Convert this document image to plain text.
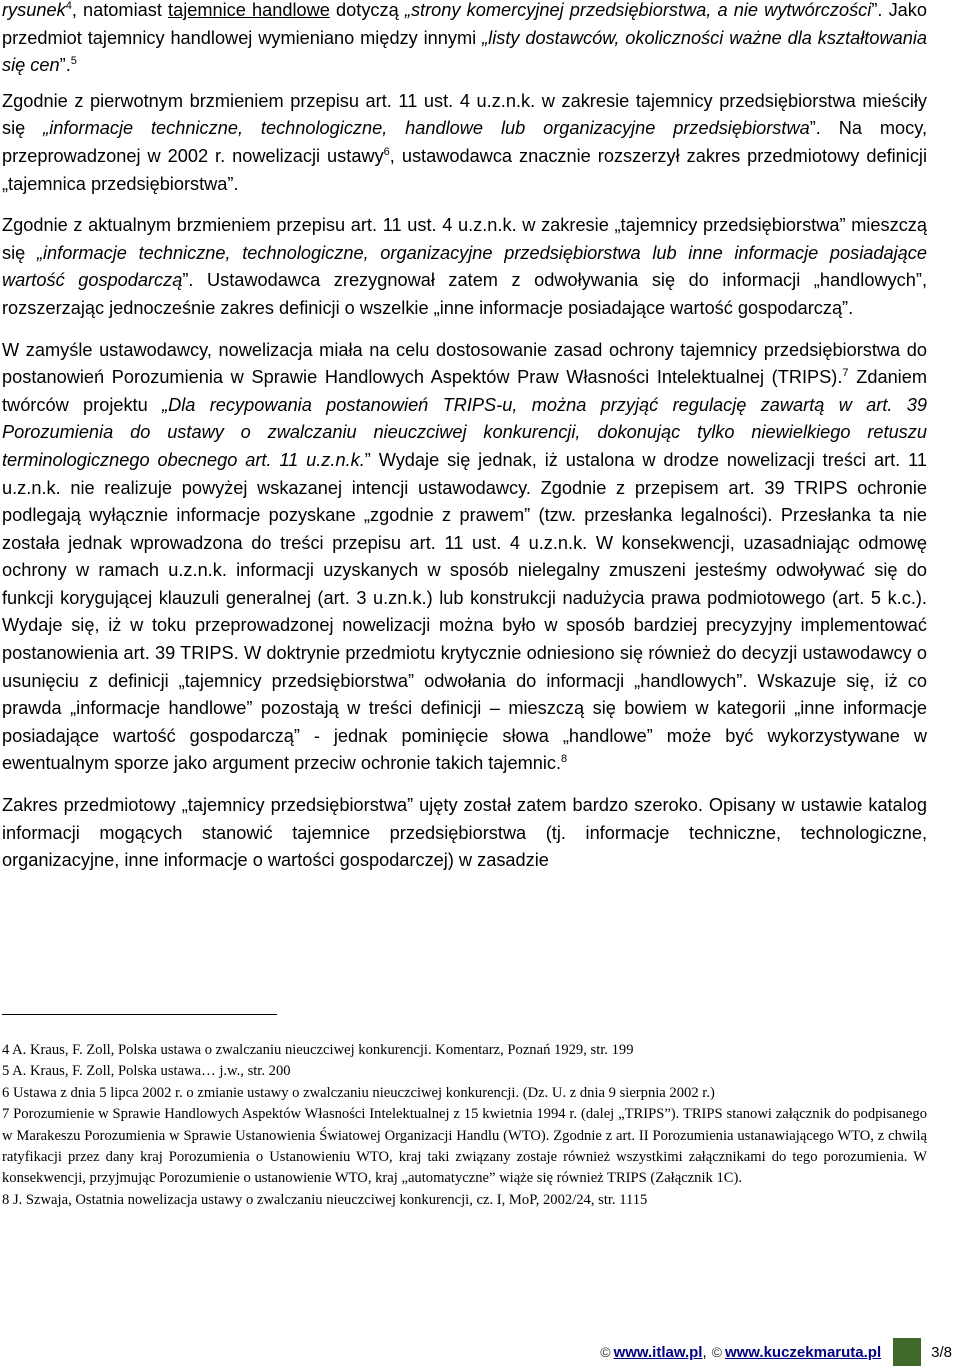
rysunek$^4$, natomiast tajemnice handlowe dotyczą „strony komercyjnej przedsiębiorstwa, a nie wytwórczości”. Jako przedmiot tajemnicy handlowej wymieniano między innymi „listy dostawców, okoliczności ważne dla kształtowania się cen”.$^5$

Zgodnie z pierwotnym brzmieniem przepisu art. 11 ust. 4 u.z.n.k. w zakresie tajemnicy przedsiębiorstwa mieściły się „informacje techniczne, technologiczne, handlowe lub organizacyjne przedsiębiorstwa”. Na mocy, przeprowadzonej w 2002 r. nowelizacji ustawy$^6$, ustawodawca znacznie rozszerzył zakres przedmiotowy definicji „tajemnica przedsiębiorstwa”.

Zgodnie z aktualnym brzmieniem przepisu art. 11 ust. 4 u.z.n.k. w zakresie „tajemnicy przedsiębiorstwa” mieszczą się „informacje techniczne, technologiczne, organizacyjne przedsiębiorstwa lub inne informacje posiadające wartość gospodarczą”. Ustawodawca zrezygnował zatem z odwoływania się do informacji „handlowych”, rozszerzając jednocześnie zakres definicji o wszelkie „inne informacje posiadające wartość gospodarczą”.

W zamyśle ustawodawcy, nowelizacja miała na celu dostosowanie zasad ochrony tajemnicy przedsiębiorstwa do postanowień Porozumienia w Sprawie Handlowych Aspektów Praw Własności Intelektualnej (TRIPS).$^7$ Zdaniem twórców projektu „Dla recypowania postanowień TRIPS-u, można przyjąć regulację zawartą w art. 39 Porozumienia do ustawy o zwalczaniu nieuczciwej konkurencji, dokonując tylko niewielkiego retuszu terminologicznego obecnego art. 11 u.z.n.k.” Wydaje się jednak, iż ustalona w drodze nowelizacji treści art. 11 u.z.n.k. nie realizuje powyżej wskazanej intencji ustawodawcy. Zgodnie z przepisem art. 39 TRIPS ochronie podlegają wyłącznie informacje pozyskane „zgodnie z prawem” (tzw. przesłanka legalności). Przesłanka ta nie została jednak wprowadzona do treści przepisu art. 11 ust. 4 u.z.n.k. W konsekwencji, uzasadniając odmowę ochrony w ramach u.z.n.k. informacji uzyskanych w sposób nielegalny zmuszeni jesteśmy odwoływać się do funkcji korygującej klauzuli generalnej (art. 3 u.zn.k.) lub konstrukcji nadużycia prawa podmiotowego (art. 5 k.c.). Wydaje się, iż w toku przeprowadzonej nowelizacji można było w sposób bardziej precyzyjny implementować postanowienia art. 39 TRIPS. W doktrynie przedmiotu krytycznie odniesiono się również do decyzji ustawodawcy o usunięciu z definicji „tajemnicy przedsiębiorstwa” odwołania do informacji „handlowych”. Wskazuje się, iż co prawda „informacje handlowe” pozostają w treści definicji – mieszczą się bowiem w kategorii „inne informacje posiadające wartość gospodarczą” - jednak pominięcie słowa „handlowe” może być wykorzystywane w ewentualnym sporze jako argument przeciw ochronie takich tajemnic.$^8$

Zakres przedmiotowy „tajemnicy przedsiębiorstwa” ujęty został zatem bardzo szeroko. Opisany w ustawie katalog informacji mogących stanowić tajemnice przedsiębiorstwa (tj. informacje techniczne, technologiczne, organizacyjne, inne informacje o wartości gospodarczej) w zasadzie

4 A. Kraus, F. Zoll, Polska ustawa o zwalczaniu nieuczciwej konkurencji. Komentarz, Poznań 1929, str. 199

5 A. Kraus, F. Zoll, Polska ustawa… j.w., str. 200

6 Ustawa z dnia 5 lipca 2002 r. o zmianie ustawy o zwalczaniu nieuczciwej konkurencji. (Dz. U. z dnia 9 sierpnia 2002 r.)

7 Porozumienie w Sprawie Handlowych Aspektów Własności Intelektualnej z 15 kwietnia 1994 r. (dalej „TRIPS”). TRIPS stanowi załącznik do podpisanego w Marakeszu Porozumienia w Sprawie Ustanowienia Światowej Organizacji Handlu (WTO). Zgodnie z art. II Porozumienia ustanawiającego WTO, z chwilą ratyfikacji przez dany kraj Porozumienia o Ustanowieniu WTO, kraj taki związany zostaje również wszystkimi załącznikami do tego porozumienia. W konsekwencji, przyjmując Porozumienie o ustanowienie WTO, kraj „automatyczne” wiąże się również TRIPS (Załącznik 1C).

8 J. Szwaja, Ostatnia nowelizacja ustawy o zwalczaniu nieuczciwej konkurencji, cz. I, MoP, 2002/24, str. 1115

© www.itlaw.pl , © www.kuczekmaruta.pl	3/8
